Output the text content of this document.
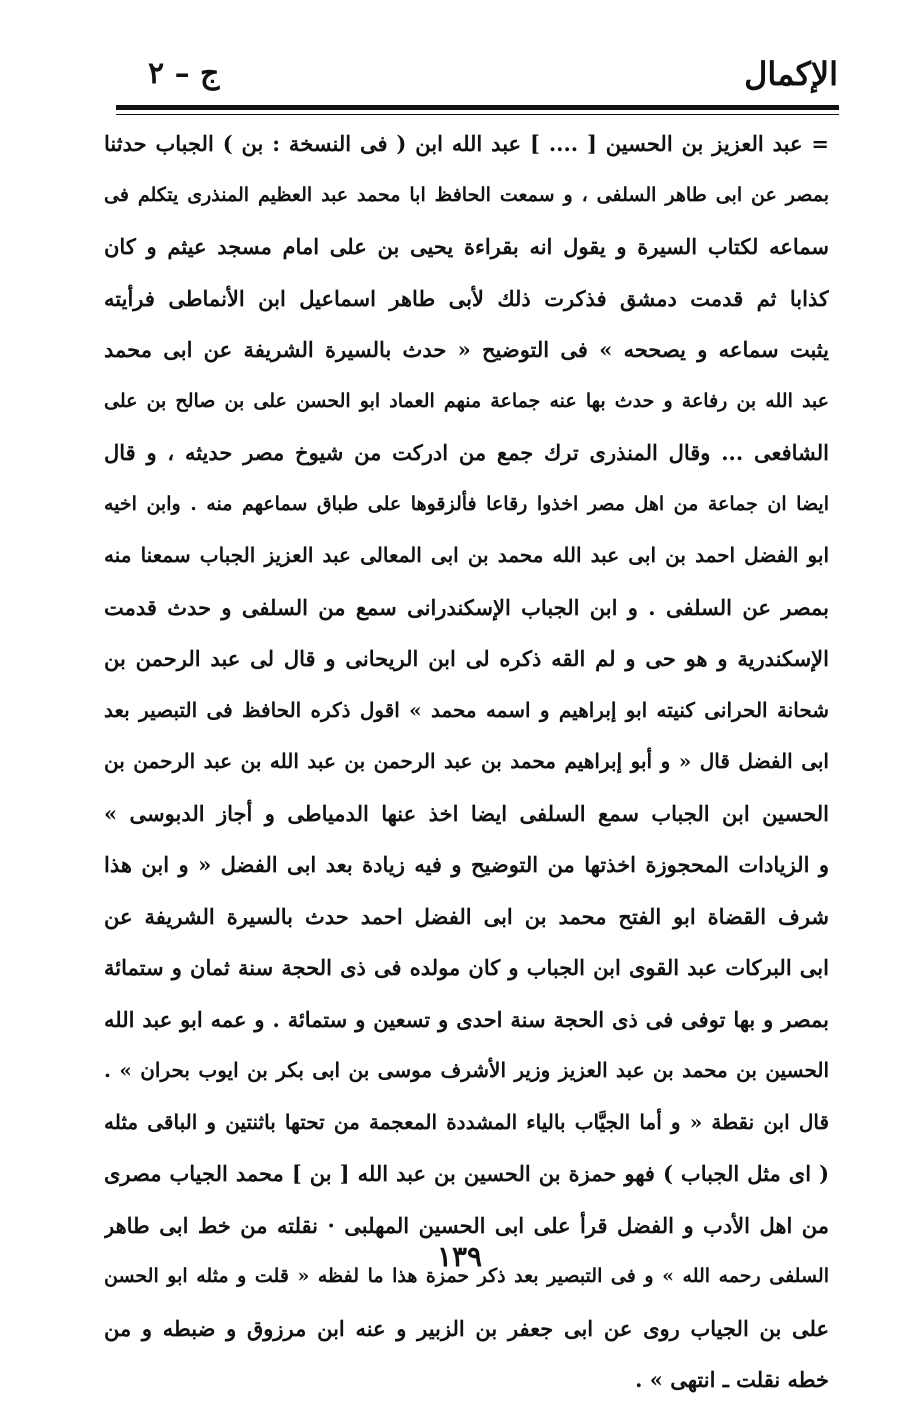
الإكمال
ج – ٢
= عبد العزيز بن الحسين [ .... ] عبد الله ابن ( فى النسخة : بن ) الجباب حدثنا
بمصر عن ابى طاهر السلفى ، و سمعت الحافظ ابا محمد عبد العظيم المنذرى يتكلم فى
سماعه لكتاب السيرة و يقول انه بقراءة يحيى بن على امام مسجد عيثم و كان
كذابا ثم قدمت دمشق فذكرت ذلك لأبى طاهر اسماعيل ابن الأنماطى فرأيته
يثبت سماعه و يصححه » فى التوضيح « حدث بالسيرة الشريفة عن ابى محمد
عبد الله بن رفاعة و حدث بها عنه جماعة منهم العماد ابو الحسن على بن صالح بن على
الشافعى ... وقال المنذرى ترك جمع من ادركت من شيوخ مصر حديثه ، و قال
ايضا ان جماعة من اهل مصر اخذوا رقاعا فألزقوها على طباق سماعهم منه . وابن اخيه
ابو الفضل احمد بن ابى عبد الله محمد بن ابى المعالى عبد العزيز الجباب سمعنا منه
بمصر عن السلفى . و ابن الجباب الإسكندرانى سمع من السلفى و حدث قدمت
الإسكندرية و هو حى و لم القه ذكره لى ابن الريحانى و قال لى عبد الرحمن بن
شحانة الحرانى كنيته ابو إبراهيم و اسمه محمد » اقول ذكره الحافظ فى التبصير بعد
ابى الفضل قال « و أبو إبراهيم محمد بن عبد الرحمن بن عبد الله بن عبد الرحمن بن
الحسين ابن الجباب سمع السلفى ايضا اخذ عنها الدمياطى و أجاز الدبوسى »
و الزيادات المحجوزة اخذتها من التوضيح و فيه زيادة بعد ابى الفضل « و ابن هذا
شرف القضاة ابو الفتح محمد بن ابى الفضل احمد حدث بالسيرة الشريفة عن
ابى البركات عبد القوى ابن الجباب و كان مولده فى ذى الحجة سنة ثمان و ستمائة
بمصر و بها توفى فى ذى الحجة سنة احدى و تسعين و ستمائة . و عمه ابو عبد الله
الحسين بن محمد بن عبد العزيز وزير الأشرف موسى بن ابى بكر بن ايوب بحران » .
قال ابن نقطة « و أما الجيَّاب بالياء المشددة المعجمة من تحتها باثنتين و الباقى مثله
( اى مثل الجباب ) فهو حمزة بن الحسين بن عبد الله [ بن ] محمد الجياب مصرى
من اهل الأدب و الفضل قرأ على ابى الحسين المهلبى · نقلته من خط ابى طاهر
السلفى رحمه الله » و فى التبصير بعد ذكر حمزة هذا ما لفظه « قلت و مثله ابو الحسن
على بن الجياب روى عن ابى جعفر بن الزبير و عنه ابن مرزوق و ضبطه و من
خطه نقلت ـ انتهى » .
١٣٩
